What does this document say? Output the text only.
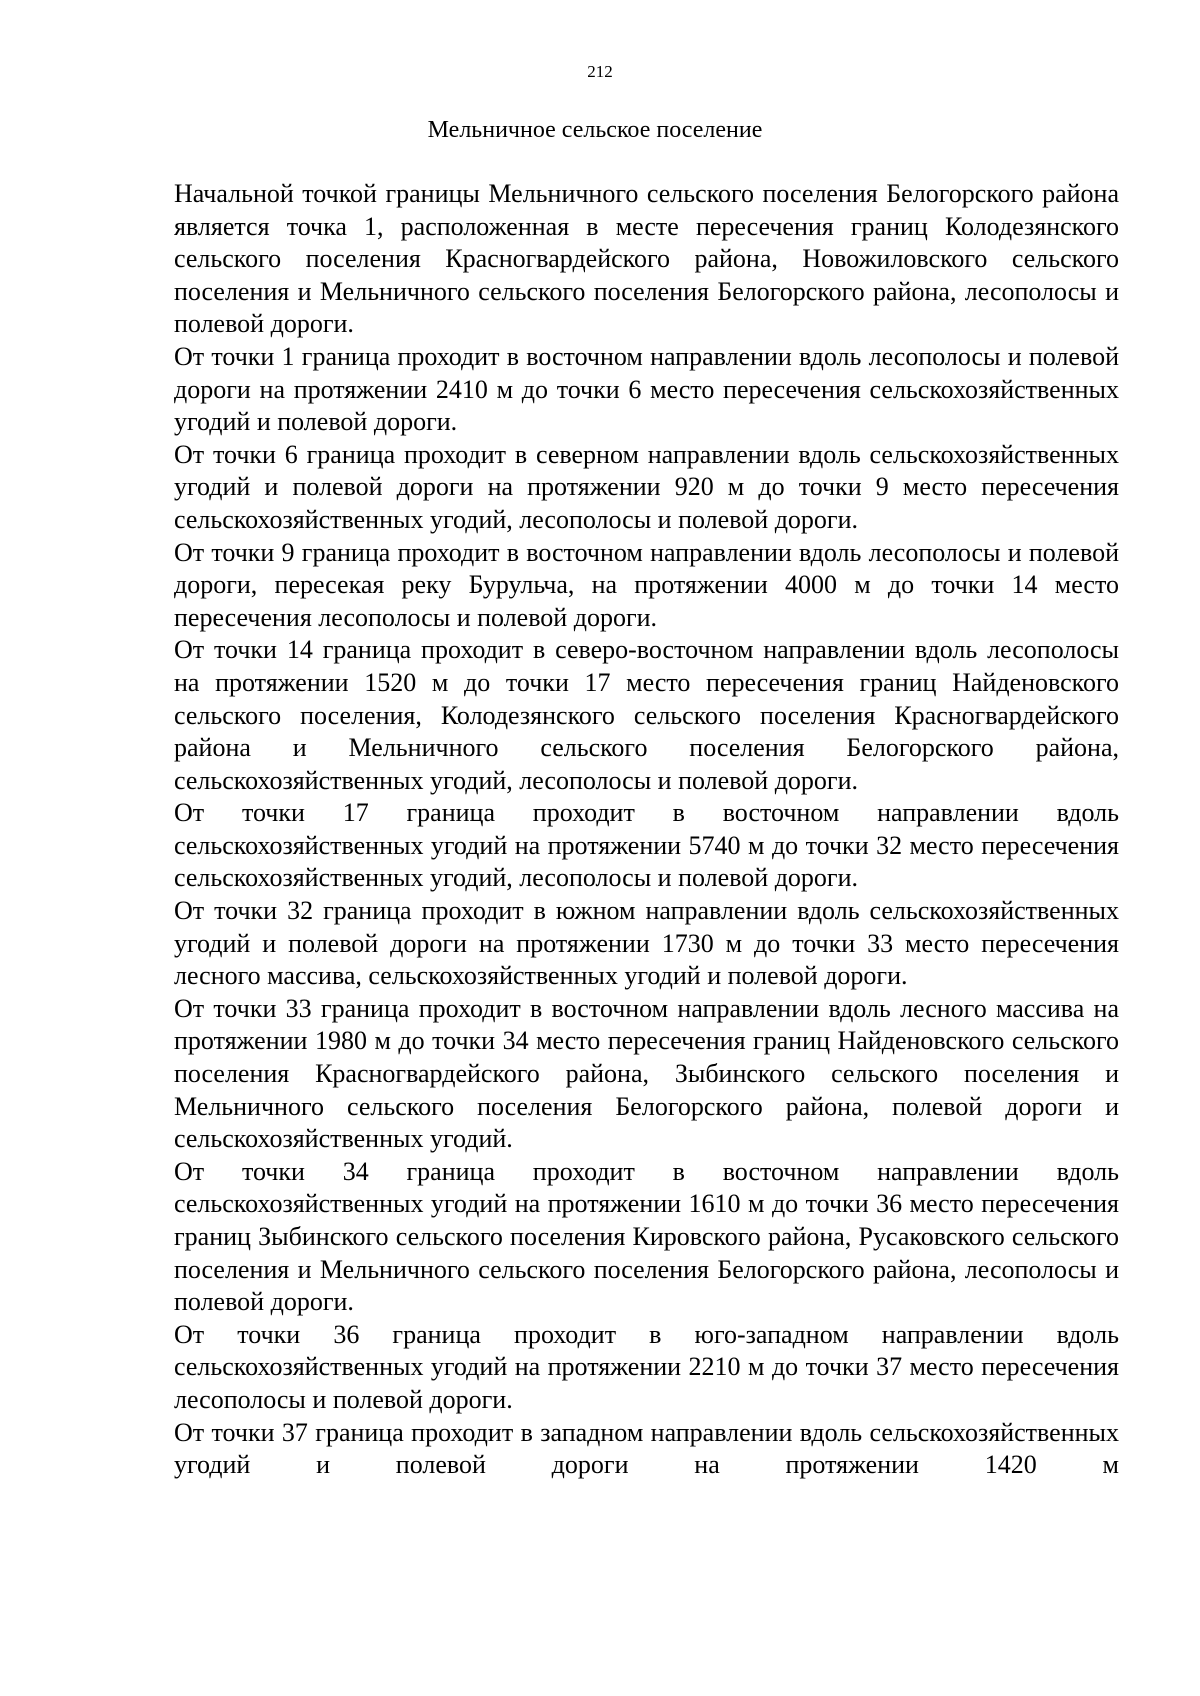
212
Мельничное сельское поселение

Начальной точкой границы Мельничного сельского поселения Белогорского района является точка 1, расположенная в месте пересечения границ Колодезянского сельского поселения Красногвардейского района, Новожиловского сельского поселения и Мельничного сельского поселения Белогорского района, лесополосы и полевой дороги.

От точки 1 граница проходит в восточном направлении вдоль лесополосы и полевой дороги на протяжении 2410 м до точки 6 место пересечения сельскохозяйственных угодий и полевой дороги.

От точки 6 граница проходит в северном направлении вдоль сельскохозяйственных угодий и полевой дороги на протяжении 920 м до точки 9 место пересечения сельскохозяйственных угодий, лесополосы и полевой дороги.

От точки 9 граница проходит в восточном направлении вдоль лесополосы и полевой дороги, пересекая реку Бурульча, на протяжении 4000 м до точки 14 место пересечения лесополосы и полевой дороги.

От точки 14 граница проходит в северо-восточном направлении вдоль лесополосы на протяжении 1520 м до точки 17 место пересечения границ Найденовского сельского поселения, Колодезянского сельского поселения Красногвардейского района и Мельничного сельского поселения Белогорского района, сельскохозяйственных угодий, лесополосы и полевой дороги.

От точки 17 граница проходит в восточном направлении вдоль сельскохозяйственных угодий на протяжении 5740 м до точки 32 место пересечения сельскохозяйственных угодий, лесополосы и полевой дороги.

От точки 32 граница проходит в южном направлении вдоль сельскохозяйственных угодий и полевой дороги на протяжении 1730 м до точки 33 место пересечения лесного массива, сельскохозяйственных угодий и полевой дороги.

От точки 33 граница проходит в восточном направлении вдоль лесного массива на протяжении 1980 м до точки 34 место пересечения границ Найденовского сельского поселения Красногвардейского района, Зыбинского сельского поселения и Мельничного сельского поселения Белогорского района, полевой дороги и сельскохозяйственных угодий.

От точки 34 граница проходит в восточном направлении вдоль сельскохозяйственных угодий на протяжении 1610 м до точки 36 место пересечения границ Зыбинского сельского поселения Кировского района, Русаковского сельского поселения и Мельничного сельского поселения Белогорского района, лесополосы и полевой дороги.

От точки 36 граница проходит в юго-западном направлении вдоль сельскохозяйственных угодий на протяжении 2210 м до точки 37 место пересечения лесополосы и полевой дороги.

От точки 37 граница проходит в западном направлении вдоль сельскохозяйственных угодий и полевой дороги на протяжении 1420 м
